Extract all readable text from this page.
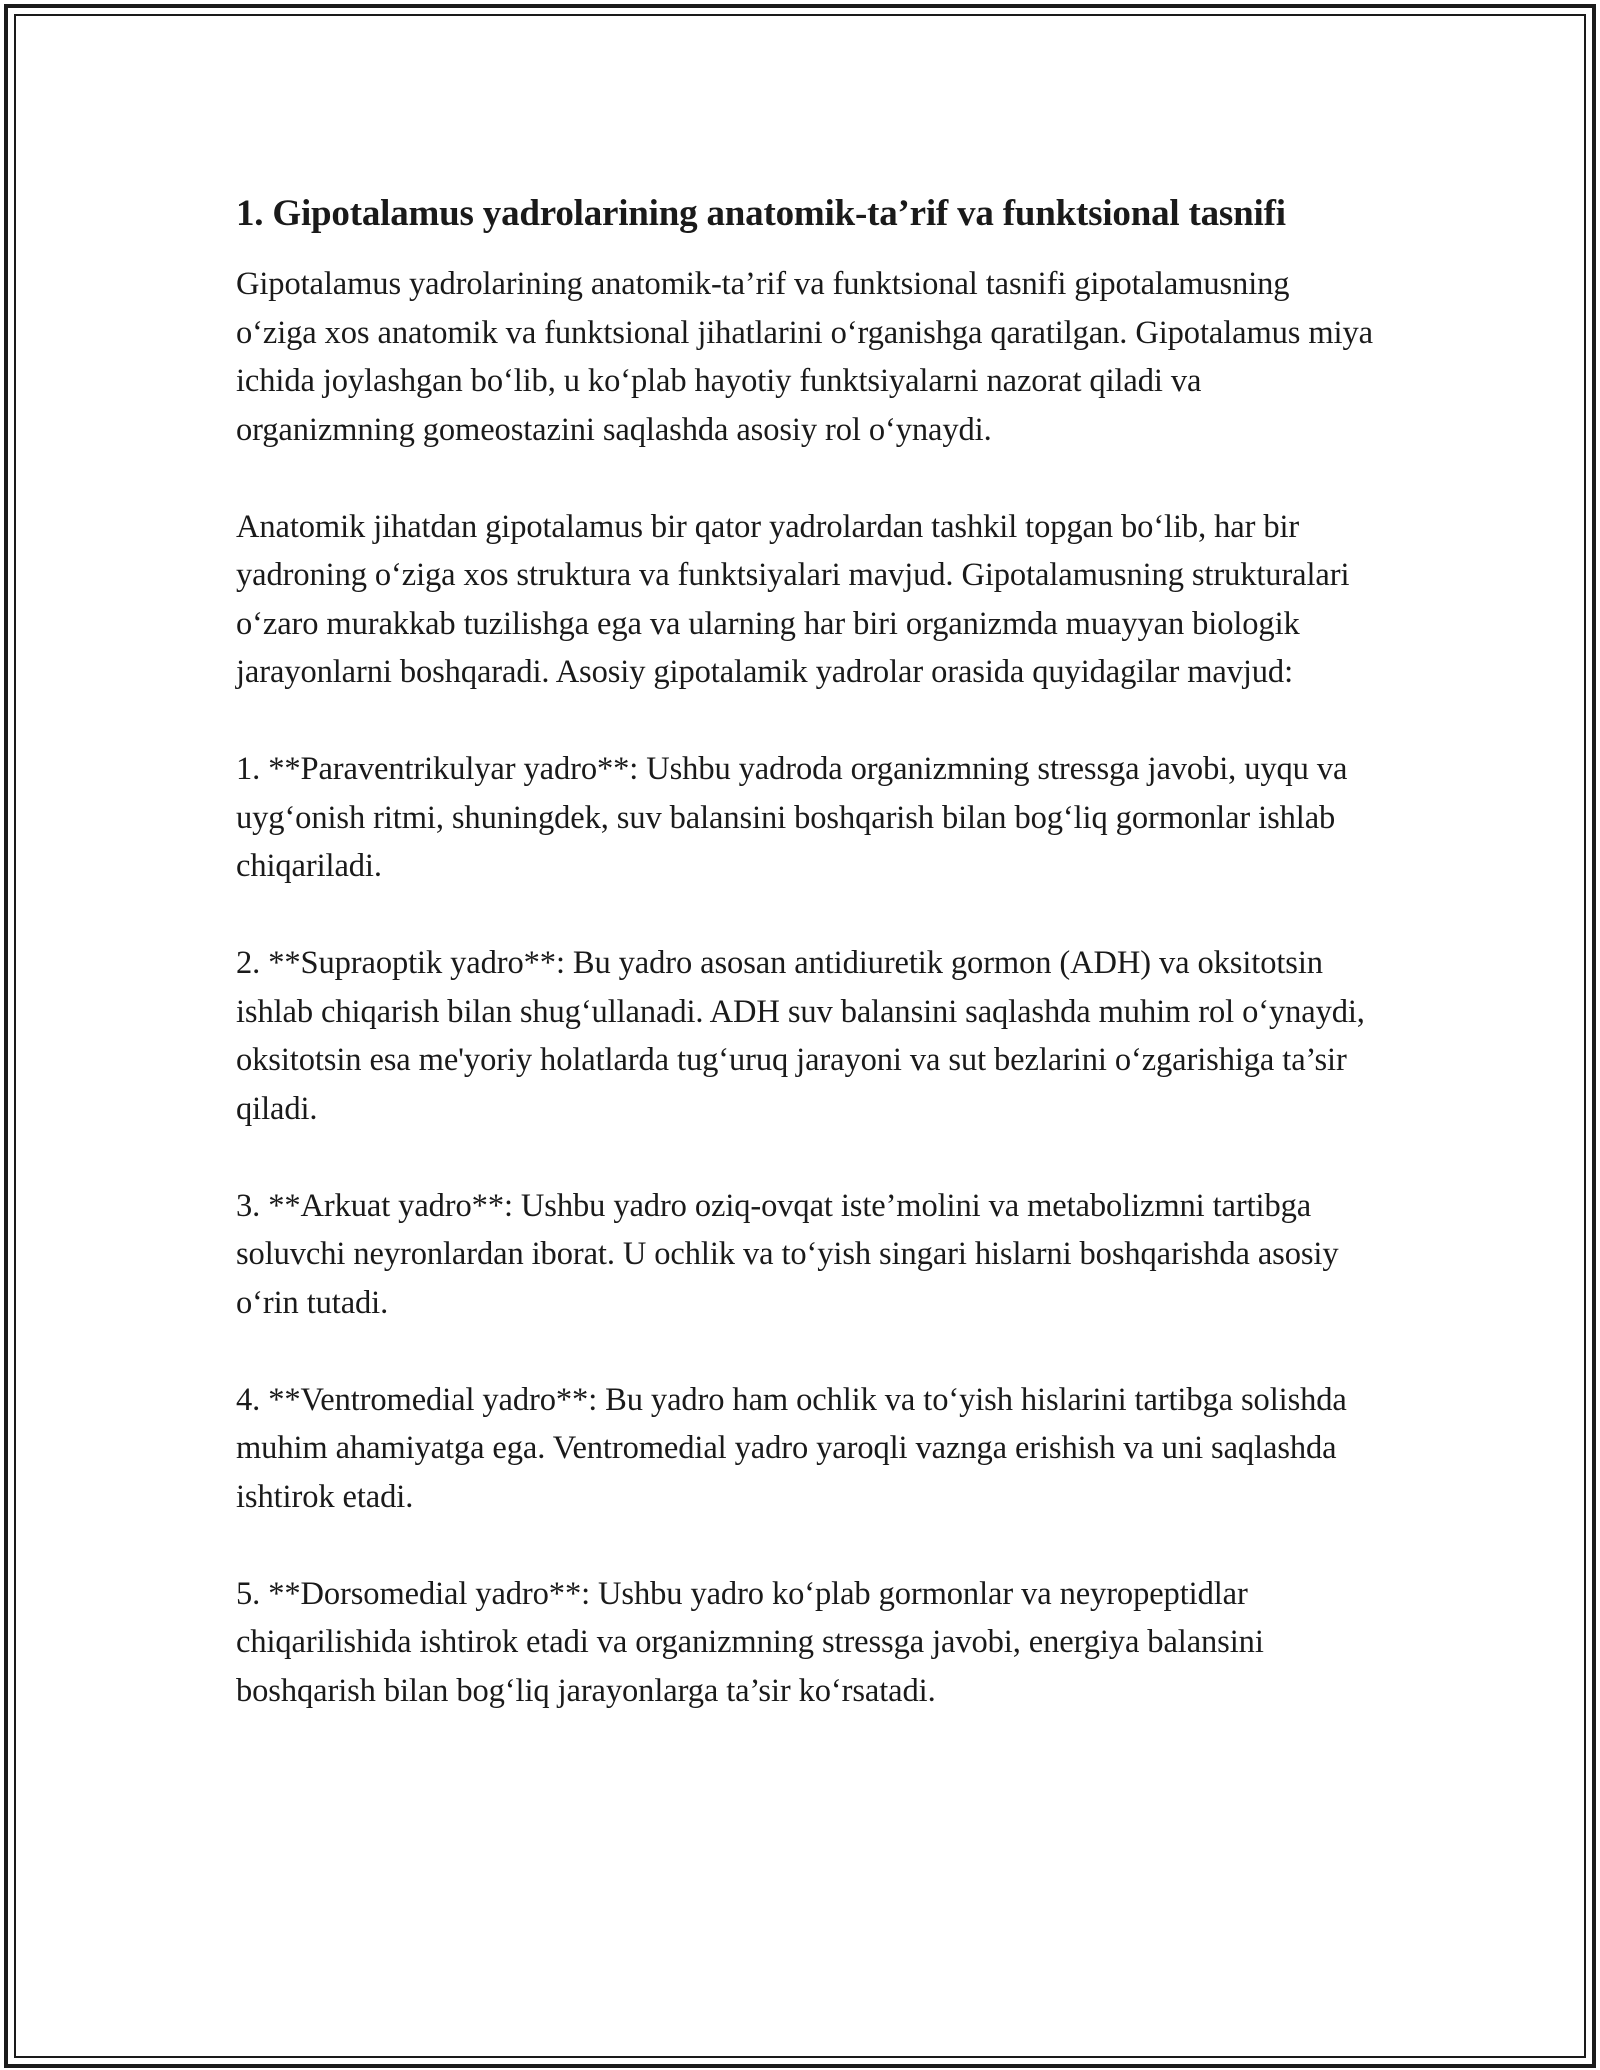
1. Gipotalamus yadrolarining anatomik-ta’rif va funktsional tasnifi

Gipotalamus yadrolarining anatomik-ta’rif va funktsional tasnifi gipotalamusning o‘ziga xos anatomik va funktsional jihatlarini o‘rganishga qaratilgan. Gipotalamus miya ichida joylashgan bo‘lib, u ko‘plab hayotiy funktsiyalarni nazorat qiladi va organizmning gomeostazini saqlashda asosiy rol o‘ynaydi.

Anatomik jihatdan gipotalamus bir qator yadrolardan tashkil topgan bo‘lib, har bir yadroning o‘ziga xos struktura va funktsiyalari mavjud. Gipotalamusning strukturalari o‘zaro murakkab tuzilishga ega va ularning har biri organizmda muayyan biologik jarayonlarni boshqaradi. Asosiy gipotalamik yadrolar orasida quyidagilar mavjud:

1. **Paraventrikulyar yadro**: Ushbu yadroda organizmning stressga javobi, uyqu va uyg‘onish ritmi, shuningdek, suv balansini boshqarish bilan bog‘liq gormonlar ishlab chiqariladi.

2. **Supraoptik yadro**: Bu yadro asosan antidiuretik gormon (ADH) va oksitotsin ishlab chiqarish bilan shug‘ullanadi. ADH suv balansini saqlashda muhim rol o‘ynaydi, oksitotsin esa me'yoriy holatlarda tug‘uruq jarayoni va sut bezlarini o‘zgarishiga ta’sir qiladi.

3. **Arkuat yadro**: Ushbu yadro oziq-ovqat iste’molini va metabolizmni tartibga soluvchi neyronlardan iborat. U ochlik va to‘yish singari hislarni boshqarishda asosiy o‘rin tutadi.

4. **Ventromedial yadro**: Bu yadro ham ochlik va to‘yish hislarini tartibga solishda muhim ahamiyatga ega. Ventromedial yadro yaroqli vaznga erishish va uni saqlashda ishtirok etadi.

5. **Dorsomedial yadro**: Ushbu yadro ko‘plab gormonlar va neyropeptidlar chiqarilishida ishtirok etadi va organizmning stressga javobi, energiya balansini boshqarish bilan bog‘liq jarayonlarga ta’sir ko‘rsatadi.
